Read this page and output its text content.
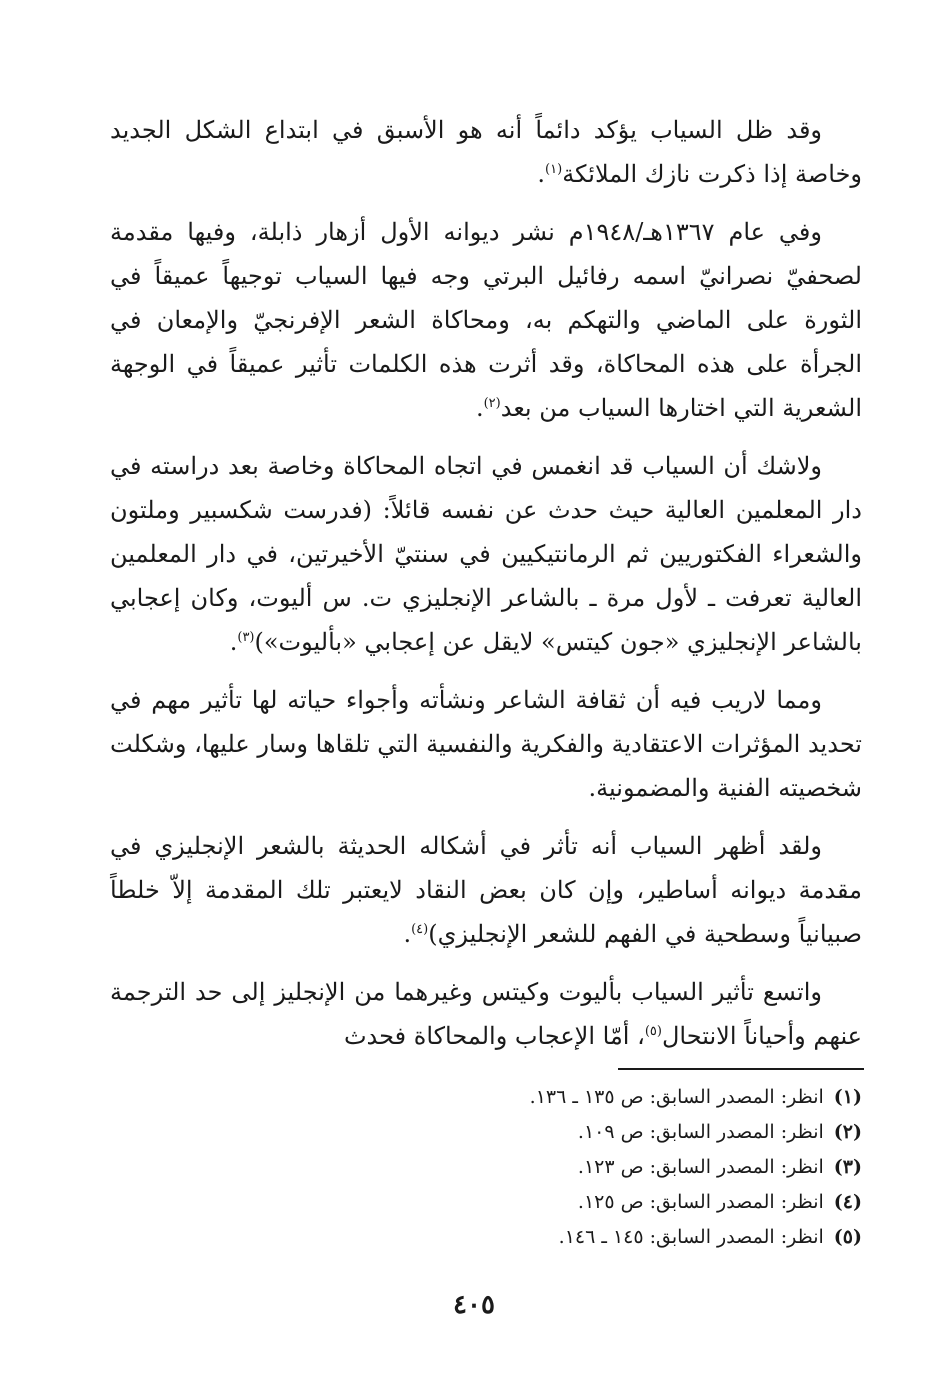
وقد ظل السياب يؤكد دائماً أنه هو الأسبق في ابتداع الشكل الجديد وخاصة إذا ذكرت نازك الملائكة$^{(١)}$.

وفي عام ١٣٦٧هـ/١٩٤٨م نشر ديوانه الأول أزهار ذابلة، وفيها مقدمة لصحفيّ نصرانيّ اسمه رفائيل البرتي وجه فيها السياب توجيهاً عميقاً في الثورة على الماضي والتهكم به، ومحاكاة الشعر الإفرنجيّ والإمعان في الجرأة على هذه المحاكاة، وقد أثرت هذه الكلمات تأثير عميقاً في الوجهة الشعرية التي اختارها السياب من بعد$^{(٢)}$.

ولاشك أن السياب قد انغمس في اتجاه المحاكاة وخاصة بعد دراسته في دار المعلمين العالية حيث حدث عن نفسه قائلاً: (فدرست شكسبير وملتون والشعراء الفكتوريين ثم الرمانتيكيين في سنتيّ الأخيرتين، في دار المعلمين العالية تعرفت ـ لأول مرة ـ بالشاعر الإنجليزي ت. س أليوت، وكان إعجابي بالشاعر الإنجليزي «جون كيتس» لايقل عن إعجابي «بأليوت»)$^{(٣)}$.

ومما لاريب فيه أن ثقافة الشاعر ونشأته وأجواء حياته لها تأثير مهم في تحديد المؤثرات الاعتقادية والفكرية والنفسية التي تلقاها وسار عليها، وشكلت شخصيته الفنية والمضمونية.

ولقد أظهر السياب أنه تأثر في أشكاله الحديثة بالشعر الإنجليزي في مقدمة ديوانه أساطير، وإن كان بعض النقاد لايعتبر تلك المقدمة إلاّ خلطاً صبيانياً وسطحية في الفهم للشعر الإنجليزي)$^{(٤)}$.

واتسع تأثير السياب بأليوت وكيتس وغيرهما من الإنجليز إلى حد الترجمة عنهم وأحياناً الانتحال$^{(٥)}$، أمّا الإعجاب والمحاكاة فحدث

(١)انظر: المصدر السابق: ص ١٣٥ ـ ١٣٦.
(٢)انظر: المصدر السابق: ص ١٠٩.
(٣)انظر: المصدر السابق: ص ١٢٣.
(٤)انظر: المصدر السابق: ص ١٢٥.
(٥)انظر: المصدر السابق: ١٤٥ ـ ١٤٦.
٤٠٥
